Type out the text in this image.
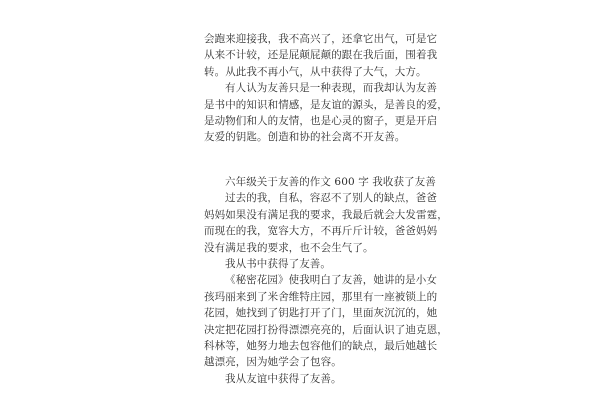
会跑来迎接我，我不高兴了，还拿它出气，可是它
从来不计较，还是屁颠屁颠的跟在我后面，围着我
转。从此我不再小气，从中获得了大气，大方。

有人认为友善只是一种表现，而我却认为友善
是书中的知识和情感，是友谊的源头，是善良的爱，
是动物们和人的友情，也是心灵的窗子，更是开启
友爱的钥匙。创造和协的社会离不开友善。

六年级关于友善的作文 600 字 我收获了友善

过去的我，自私，容忍不了别人的缺点，爸爸
妈妈如果没有满足我的要求，我最后就会大发雷霆，
而现在的我，宽容大方，不再斤斤计较，爸爸妈妈
没有满足我的要求，也不会生气了。

我从书中获得了友善。

《秘密花园》使我明白了友善，她讲的是小女
孩玛丽来到了米舍维特庄园，那里有一座被锁上的
花园，她找到了钥匙打开了门，里面灰沉沉的，她
决定把花园打扮得漂漂亮亮的，后面认识了迪克恩，
科林等，她努力地去包容他们的缺点，最后她越长
越漂亮，因为她学会了包容。

我从友谊中获得了友善。
